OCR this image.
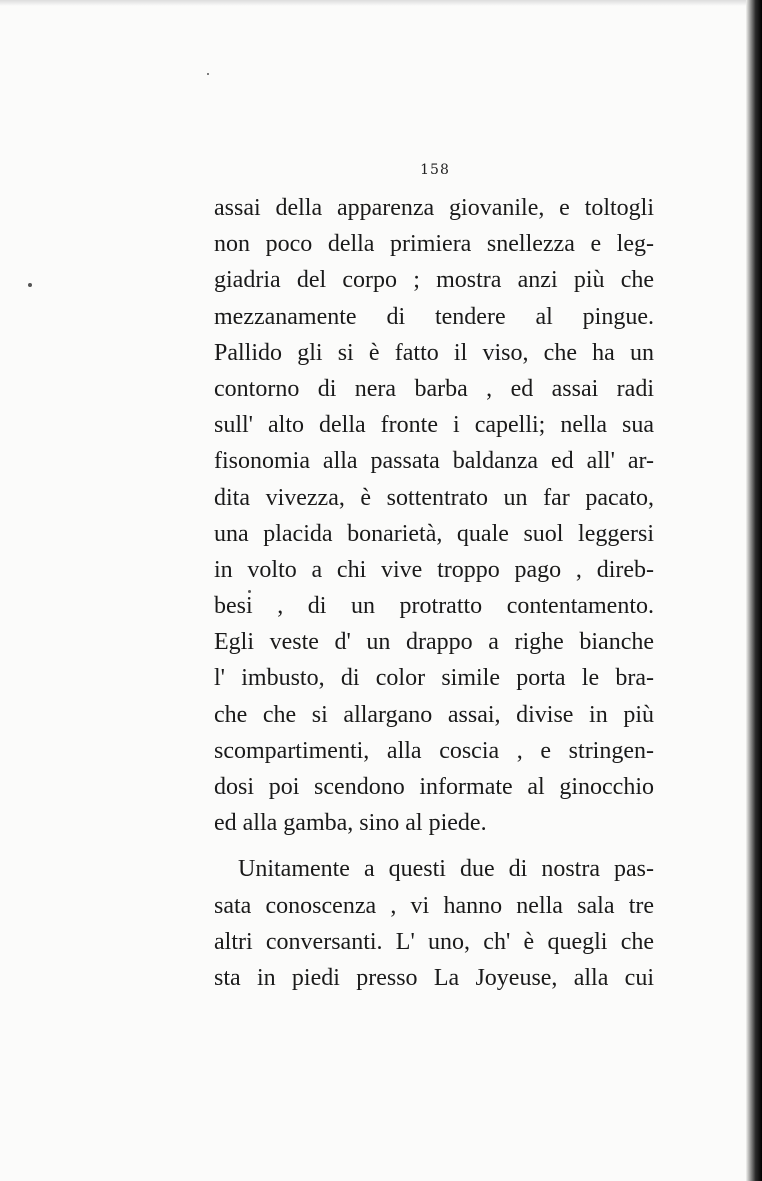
158
assai della apparenza giovanile, e toltogli
non poco della primiera snellezza e leg-
giadria del corpo ; mostra anzi più che
mezzanamente di tendere al pingue.
Pallido gli si è fatto il viso, che ha un
contorno di nera barba , ed assai radi
sull' alto della fronte i capelli; nella sua
fisonomia alla passata baldanza ed all' ar-
dita vivezza, è sottentrato un far pacato,
una placida bonarietà, quale suol leggersi
in volto a chi vive troppo pago , direb-
besi , di un protratto contentamento.
Egli veste d' un drappo a righe bianche
l' imbusto, di color simile porta le bra-
che che si allargano assai, divise in più
scompartimenti, alla coscia , e stringen-
dosi poi scendono informate al ginocchio
ed alla gamba, sino al piede.
Unitamente a questi due di nostra pas-
sata conoscenza , vi hanno nella sala tre
altri conversanti. L' uno, ch' è quegli che
sta in piedi presso La Joyeuse, alla cui
